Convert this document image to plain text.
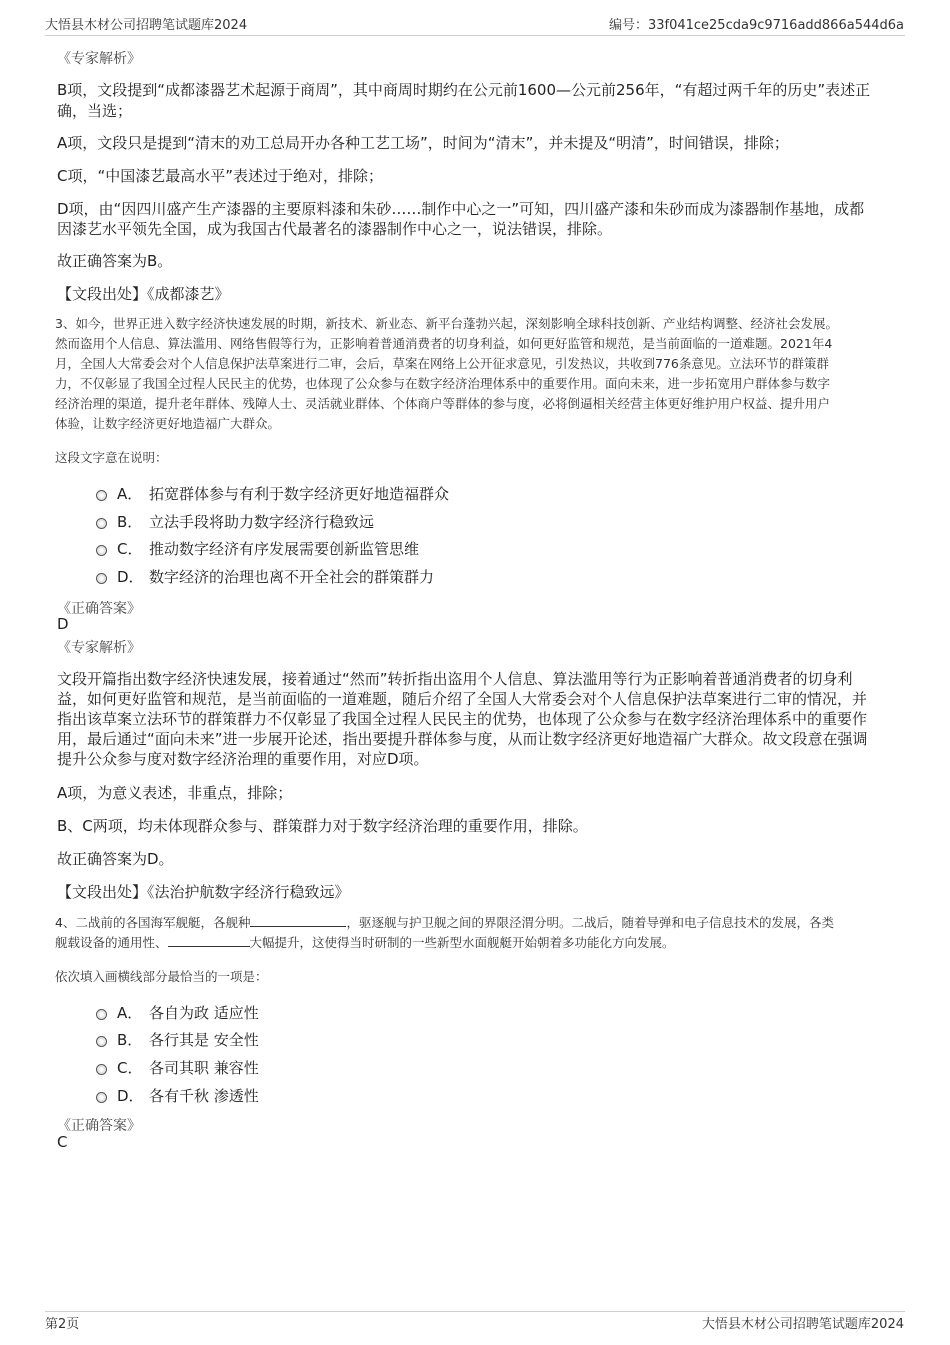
大悟县木材公司招聘笔试题库2024	编号：33f041ce25cda9c9716add866a544d6a
《专家解析》
B项，文段提到“成都漆器艺术起源于商周”，其中商周时期约在公元前1600—公元前256年，“有超过两千年的历史”表述正
确，当选；
A项，文段只是提到“清末的劝工总局开办各种工艺工场”，时间为“清末”，并未提及“明清”，时间错误，排除；
C项，“中国漆艺最高水平”表述过于绝对，排除；
D项，由“因四川盛产生产漆器的主要原料漆和朱砂……制作中心之一”可知，四川盛产漆和朱砂而成为漆器制作基地，成都
因漆艺水平领先全国，成为我国古代最著名的漆器制作中心之一，说法错误，排除。
故正确答案为B。
【文段出处】《成都漆艺》
3、如今，世界正进入数字经济快速发展的时期，新技术、新业态、新平台蓬勃兴起，深刻影响全球科技创新、产业结构调整、经济社会发展。
然而盗用个人信息、算法滥用、网络售假等行为，正影响着普通消费者的切身利益，如何更好监管和规范，是当前面临的一道难题。2021年4
月，全国人大常委会对个人信息保护法草案进行二审，会后，草案在网络上公开征求意见，引发热议，共收到776条意见。立法环节的群策群
力，不仅彰显了我国全过程人民民主的优势，也体现了公众参与在数字经济治理体系中的重要作用。面向未来，进一步拓宽用户群体参与数字
经济治理的渠道，提升老年群体、残障人士、灵活就业群体、个体商户等群体的参与度，必将倒逼相关经营主体更好维护用户权益、提升用户
体验，让数字经济更好地造福广大群众。
这段文字意在说明：
A． 拓宽群体参与有利于数字经济更好地造福群众
B． 立法手段将助力数字经济行稳致远
C． 推动数字经济有序发展需要创新监管思维
D． 数字经济的治理也离不开全社会的群策群力
《正确答案》
D
《专家解析》
文段开篇指出数字经济快速发展，接着通过“然而”转折指出盗用个人信息、算法滥用等行为正影响着普通消费者的切身利
益，如何更好监管和规范，是当前面临的一道难题，随后介绍了全国人大常委会对个人信息保护法草案进行二审的情况，并
指出该草案立法环节的群策群力不仅彰显了我国全过程人民民主的优势，也体现了公众参与在数字经济治理体系中的重要作
用，最后通过“面向未来”进一步展开论述，指出要提升群体参与度，从而让数字经济更好地造福广大群众。故文段意在强调
提升公众参与度对数字经济治理的重要作用，对应D项。
A项，为意义表述，非重点，排除；
B、C两项，均未体现群众参与、群策群力对于数字经济治理的重要作用，排除。
故正确答案为D。
【文段出处】《法治护航数字经济行稳致远》
4、二战前的各国海军舰艇，各舰种	，驱逐舰与护卫舰之间的界限泾渭分明。二战后，随着导弹和电子信息技术的发展，各类
舰载设备的通用性、	大幅提升，这使得当时研制的一些新型水面舰艇开始朝着多功能化方向发展。
依次填入画横线部分最恰当的一项是：
A． 各自为政 适应性
B． 各行其是 安全性
C． 各司其职 兼容性
D． 各有千秋 渗透性
《正确答案》
C
第2页	大悟县木材公司招聘笔试题库2024
